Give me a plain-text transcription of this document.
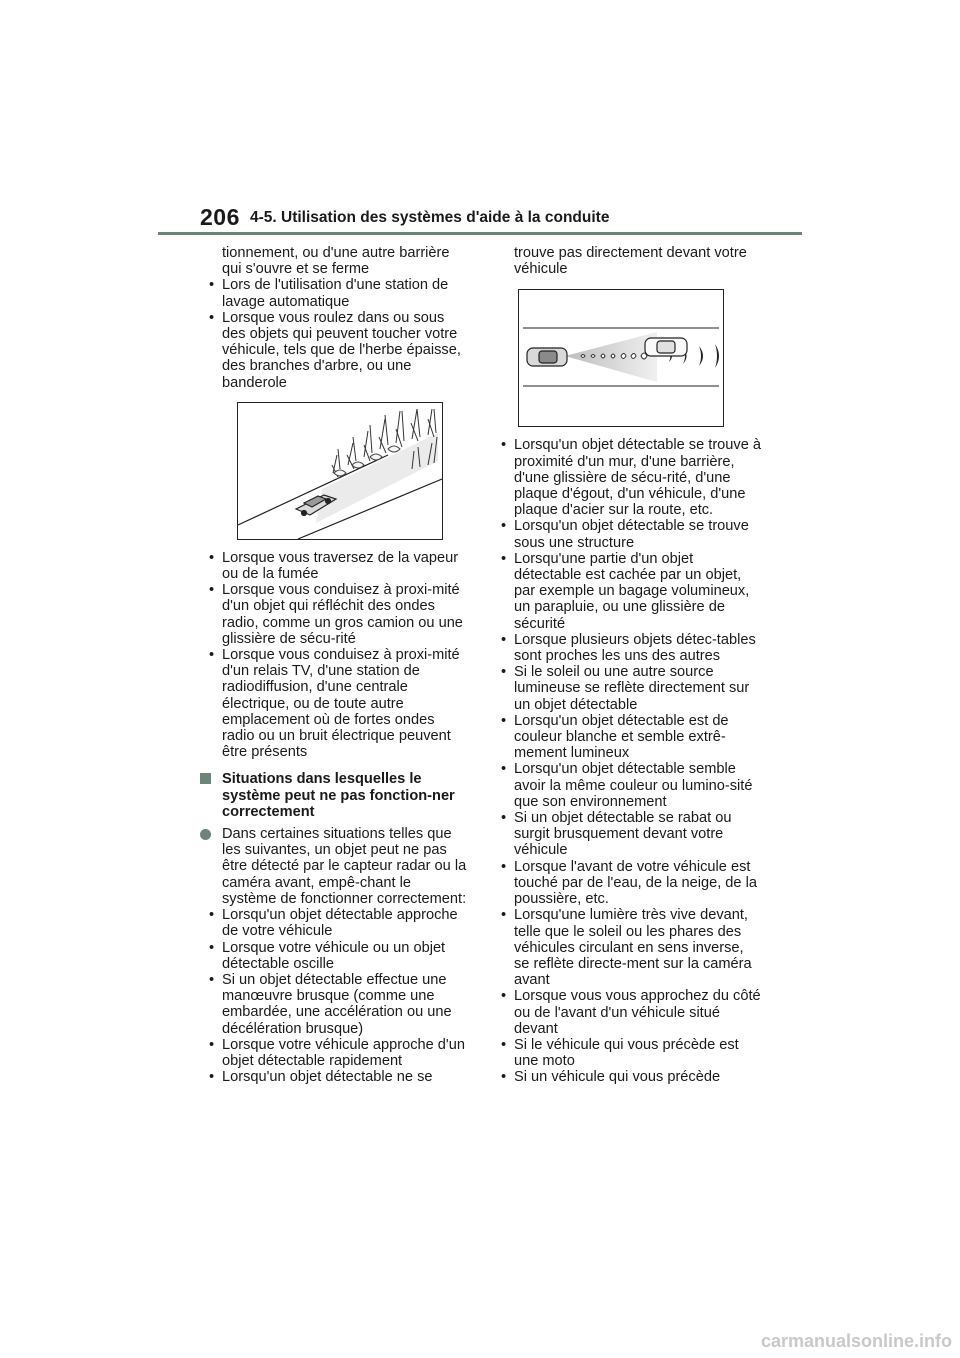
206 4-5. Utilisation des systèmes d'aide à la conduite
tionnement, ou d'une autre barrière qui s'ouvre et se ferme
• Lors de l'utilisation d'une station de lavage automatique
• Lorsque vous roulez dans ou sous des objets qui peuvent toucher votre véhicule, tels que de l'herbe épaisse, des branches d'arbre, ou une banderole
• Lorsque vous traversez de la vapeur ou de la fumée
• Lorsque vous conduisez à proxi-mité d'un objet qui réfléchit des ondes radio, comme un gros camion ou une glissière de sécu-rité
• Lorsque vous conduisez à proxi-mité d'un relais TV, d'une station de radiodiffusion, d'une centrale électrique, ou de toute autre emplacement où de fortes ondes radio ou un bruit électrique peuvent être présents
Situations dans lesquelles le système peut ne pas fonction-ner correctement
Dans certaines situations telles que les suivantes, un objet peut ne pas être détecté par le capteur radar ou la caméra avant, empê-chant le système de fonctionner correctement:
• Lorsqu'un objet détectable approche de votre véhicule
• Lorsque votre véhicule ou un objet détectable oscille
• Si un objet détectable effectue une manœuvre brusque (comme une embardée, une accélération ou une décélération brusque)
• Lorsque votre véhicule approche d'un objet détectable rapidement
• Lorsqu'un objet détectable ne se
trouve pas directement devant votre véhicule
• Lorsqu'un objet détectable se trouve à proximité d'un mur, d'une barrière, d'une glissière de sécu-rité, d'une plaque d'égout, d'un véhicule, d'une plaque d'acier sur la route, etc.
• Lorsqu'un objet détectable se trouve sous une structure
• Lorsqu'une partie d'un objet détectable est cachée par un objet, par exemple un bagage volumineux, un parapluie, ou une glissière de sécurité
• Lorsque plusieurs objets détec-tables sont proches les uns des autres
• Si le soleil ou une autre source lumineuse se reflète directement sur un objet détectable
• Lorsqu'un objet détectable est de couleur blanche et semble extrê-mement lumineux
• Lorsqu'un objet détectable semble avoir la même couleur ou lumino-sité que son environnement
• Si un objet détectable se rabat ou surgit brusquement devant votre véhicule
• Lorsque l'avant de votre véhicule est touché par de l'eau, de la neige, de la poussière, etc.
• Lorsqu'une lumière très vive devant, telle que le soleil ou les phares des véhicules circulant en sens inverse, se reflète directe-ment sur la caméra avant
• Lorsque vous vous approchez du côté ou de l'avant d'un véhicule situé devant
• Si le véhicule qui vous précède est une moto
• Si un véhicule qui vous précède
carmanualsonline.info
